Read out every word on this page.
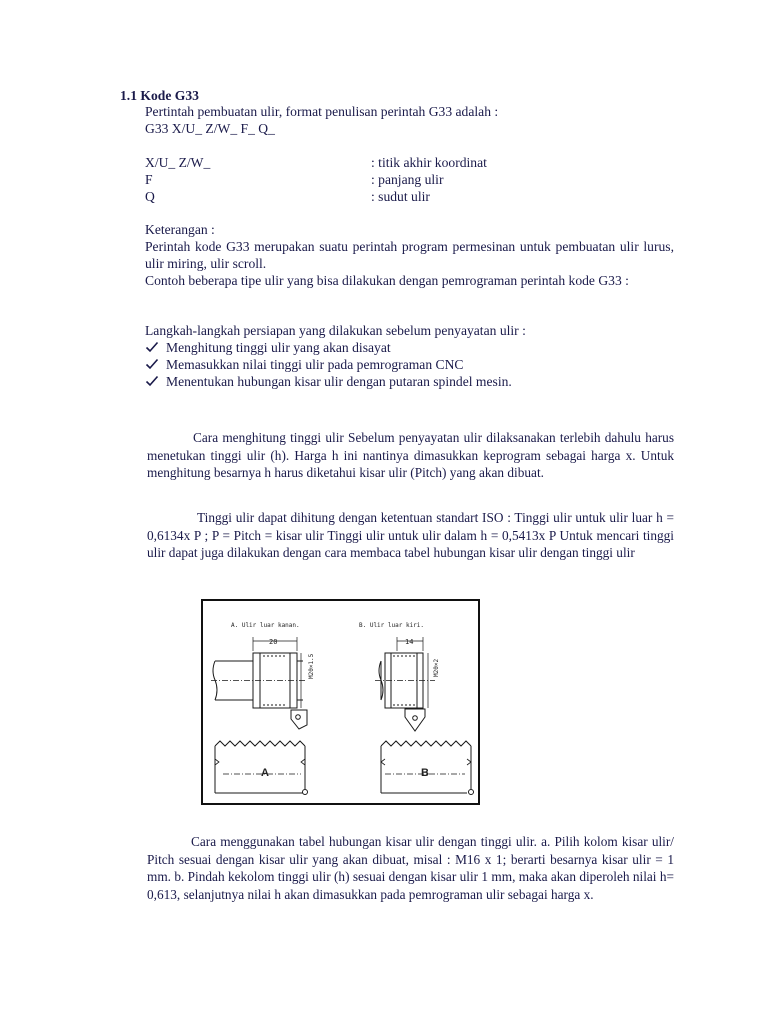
1.1 Kode G33
Pertintah pembuatan ulir, format penulisan perintah G33 adalah :
G33 X/U_ Z/W_ F_ Q_
X/U_ Z/W_	: titik akhir koordinat
F	: panjang ulir
Q	: sudut ulir
Keterangan :
Perintah kode G33 merupakan suatu perintah program permesinan untuk pembuatan ulir lurus, ulir miring, ulir scroll.
Contoh beberapa tipe ulir yang bisa dilakukan dengan pemrograman perintah kode G33 :
Langkah-langkah persiapan yang dilakukan sebelum penyayatan ulir :
Menghitung tinggi ulir yang akan disayat
Memasukkan nilai tinggi ulir pada pemrograman CNC
Menentukan hubungan kisar ulir dengan putaran spindel mesin.
Cara menghitung tinggi ulir Sebelum penyayatan ulir dilaksanakan terlebih dahulu harus menetukan tinggi ulir (h). Harga h ini nantinya dimasukkan keprogram sebagai harga x. Untuk menghitung besarnya h harus diketahui kisar ulir (Pitch) yang akan dibuat.
Tinggi ulir dapat dihitung dengan ketentuan standart ISO : Tinggi ulir untuk ulir luar h = 0,6134x P ; P = Pitch = kisar ulir Tinggi ulir untuk ulir dalam h = 0,5413x P Untuk mencari tinggi ulir dapat juga dilakukan dengan cara membaca tabel hubungan kisar ulir dengan tinggi ulir
A. Ulir luar kanan.	B. Ulir luar kiri.
20	14
M20×1.5	M20×2
A	B
Cara menggunakan tabel hubungan kisar ulir dengan tinggi ulir. a. Pilih kolom kisar ulir/ Pitch sesuai dengan kisar ulir yang akan dibuat, misal : M16 x 1; berarti besarnya kisar ulir = 1 mm. b. Pindah kekolom tinggi ulir (h) sesuai dengan kisar ulir 1 mm, maka akan diperoleh nilai h= 0,613, selanjutnya nilai h akan dimasukkan pada pemrograman ulir sebagai harga x.
